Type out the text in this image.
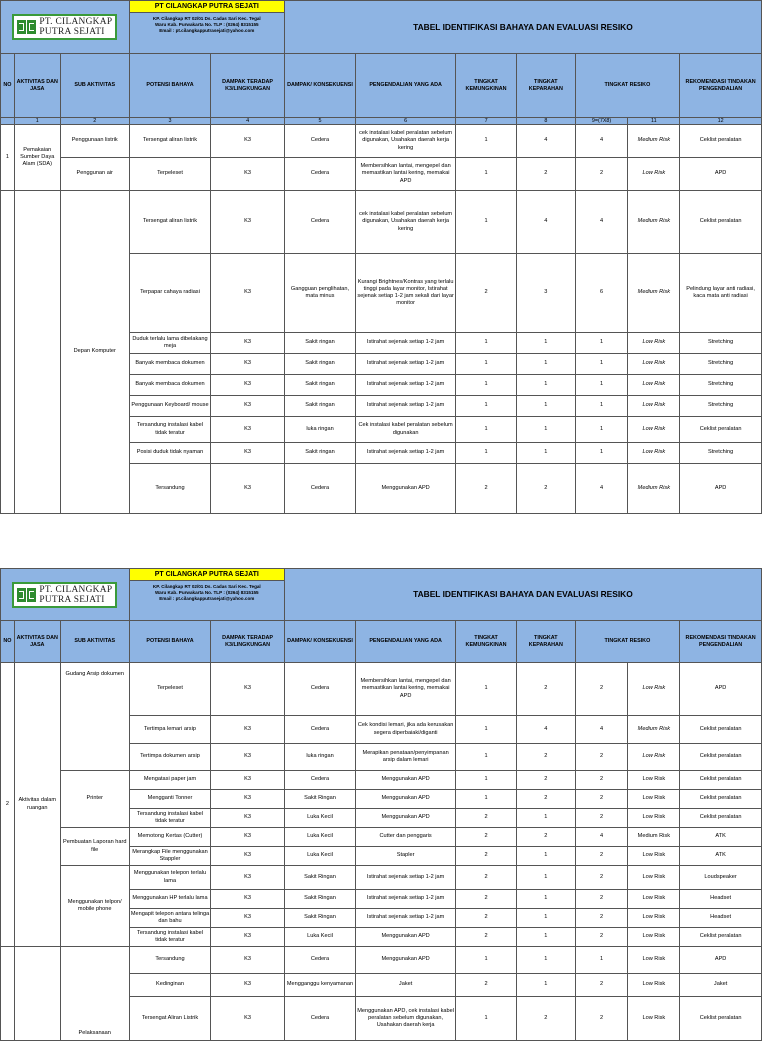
PT. CILANGKAP
PUTRA SEJATI			PT CILANGKAP PUTRA SEJATI
KP. Cilangkap RT 02/01 Ds. Cadas Sari Kec. Tegal
Waru Kab. Purwakarta No. TLP : (0264) 8315155
Email : pt.cilangkapputrasejati@yahoo.com		TABEL IDENTIFIKASI BAHAYA DAN EVALUASI RESIKO						
NO	AKTIVITAS DAN JASA	SUB AKTIVITAS	POTENSI BAHAYA	DAMPAK TERADAP K3/LINGKUNGAN	DAMPAK/ KONSEKUENSI	PENGENDALIAN YANG ADA	TINGKAT KEMUNGKINAN	TINGKAT KEPARAHAN	TINGKAT RESIKO		REKOMENDASI TINDAKAN PENGENDALIAN
	1	2	3	4	5	6	7	8	9=(7X8)	11	12
1	Pemakaian Sumber Daya Alam (SDA)	Penggunaan listrik	Tersengat aliran listrik	K3	Cedera	cek instalasi kabel peralatan sebelum digunakan, Usahakan daerah kerja kering	1	4	4	Medium Risk	Ceklist peralatan
		Penggunan air	Terpeleset	K3	Cedera	Membersihkan lantai, mengepel dan memastikan lantai kering, memakai APD	1	2	2	Low Risk	APD
		Depan Komputer	Tersengat aliran listrik	K3	Cedera	cek instalasi kabel peralatan sebelum digunakan, Usahakan daerah kerja kering	1	4	4	Medium Risk	Ceklist peralatan
			Terpapar cahaya radiasi	K3	Gangguan penglihatan, mata minus	Kurangi Brightnes/Kontras yang terlalu tinggi pada layar monitor, Istirahat sejenak setiap 1-2 jam sekali dari layar monitor	2	3	6	Medium Risk	Pelindung layar anti radiasi, kaca mata anti radiasi
			Duduk terlalu lama dibelakang meja	K3	Sakit ringan	Istirahat sejenak setiap 1-2 jam	1	1	1	Low Risk	Stretching
			Banyak membaca dokumen	K3	Sakit ringan	Istirahat sejenak setiap 1-2 jam	1	1	1	Low Risk	Stretching
			Banyak membaca dokumen	K3	Sakit ringan	Istirahat sejenak setiap 1-2 jam	1	1	1	Low Risk	Stretching
			Penggunaan Keyboard/ mouse	K3	Sakit ringan	Istirahat sejenak setiap 1-2 jam	1	1	1	Low Risk	Stretching
			Tersandung instalasi kabel tidak teratur	K3	luka ringan	Cek instalasi kabel peralatan sebelum digunakan	1	1	1	Low Risk	Ceklist peralatan
			Posisi duduk tidak nyaman	K3	Sakit ringan	Istirahat sejenak setiap 1-2 jam	1	1	1	Low Risk	Stretching
			Tersandung	K3	Cedera	Menggunakan APD	2	2	4	Medium Risk	APD
PT. CILANGKAP
PUTRA SEJATI			PT CILANGKAP PUTRA SEJATI
KP. Cilangkap RT 02/01 Ds. Cadas Sari Kec. Tegal
Waru Kab. Purwakarta No. TLP : (0264) 8315155
Email : pt.cilangkapputrasejati@yahoo.com		TABEL IDENTIFIKASI BAHAYA DAN EVALUASI RESIKO						
NO	AKTIVITAS DAN JASA	SUB AKTIVITAS	POTENSI BAHAYA	DAMPAK TERADAP K3/LINGKUNGAN	DAMPAK/ KONSEKUENSI	PENGENDALIAN YANG ADA	TINGKAT KEMUNGKINAN	TINGKAT KEPARAHAN	TINGKAT RESIKO		REKOMENDASI TINDAKAN PENGENDALIAN
2	Aktivitas dalam ruangan	Gudang Arsip dokumen	Terpeleset	K3	Cedera	Membersihkan lantai, mengepel dan memastikan lantai kering, memakai APD	1	2	2	Low Risk	APD
			Tertimpa lemari arsip	K3	Cedera	Cek kondisi lemari, jika ada kerusakan segera diperbaiaki/diganti	1	4	4	Medium Risk	Ceklist peralatan
			Tertimpa dokumen arsip	K3	luka ringan	Merapikan penataan/penyimpanan arsip dalam lemari	1	2	2	Low Risk	Ceklist peralatan
		Printer	Mengatasi paper jam	K3	Cedera	Menggunakan APD	1	2	2	Low Risk	Ceklist peralatan
			Mengganti Tonner	K3	Sakit Ringan	Menggunakan APD	1	2	2	Low Risk	Ceklist peralatan
			Tersandung instalasi kabel tidak teratur	K3	Luka Kecil	Menggunakan APD	2	1	2	Low Risk	Ceklist peralatan
		Pembuatan Laporan hard file	Memotong Kertas (Cutter)	K3	Luka Kecil	Cutter dan penggaris	2	2	4	Medium Risk	ATK
			Merangkap File menggunakan Stappler	K3	Luka Kecil	Stapler	2	1	2	Low Risk	ATK
		Menggunakan telpon/ mobile phone	Menggunakan telepon terlalu lama	K3	Sakit Ringan	Istirahat sejenak setiap 1-2 jam	2	1	2	Low Risk	Loudspeaker
			Menggunakan HP terlalu lama	K3	Sakit Ringan	Istirahat sejenak setiap 1-2 jam	2	1	2	Low Risk	Headset
			Mengapit telepon antara telinga dan bahu	K3	Sakit Ringan	Istirahat sejenak setiap 1-2 jam	2	1	2	Low Risk	Headset
			Tersandung instalasi kabel tidak teratur	K3	Luka Kecil	Menggunakan APD	2	1	2	Low Risk	Ceklist peralatan
		Pelaksanaan	Tersandung	K3	Cedera	Menggunakan APD	1	1	1	Low Risk	APD
			Kedinginan	K3	Mengganggu kenyamanan	Jaket	2	1	2	Low Risk	Jaket
			Tersengat Aliran Listrik	K3	Cedera	Menggunakan APD, cek instalasi kabel peralatan sebelum digunakan, Usahakan daerah kerja	1	2	2	Low Risk	Ceklist peralatan
